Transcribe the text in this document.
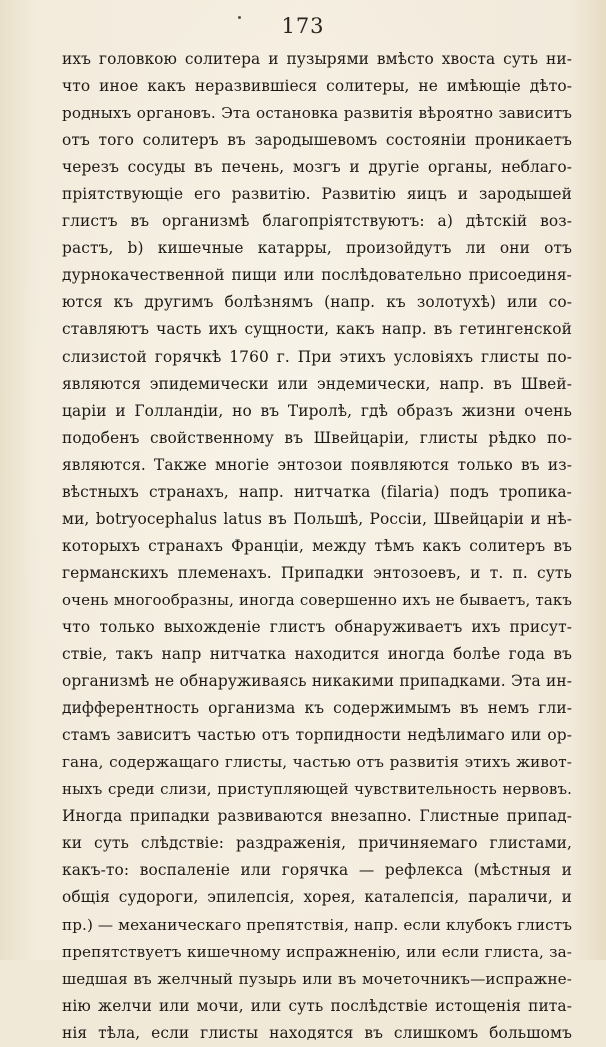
173
ихъ головкою солитера и пузырями вмѣсто хвоста суть ни-
что иное какъ неразвившіеся солитеры, не имѣющіе дѣто-
родныхъ органовъ. Эта остановка развитія вѣроятно зависитъ
отъ того солитеръ въ зародышевомъ состояніи проникаетъ
черезъ сосуды въ печень, мозгъ и другіе органы, неблаго-
пріятствующіе его развитію. Развитію яицъ и зародышей
глистъ въ организмѣ благопріятствуютъ: а) дѣтскій воз-
растъ, b) кишечные катарры, произойдутъ ли они отъ
дурнокачественной пищи или послѣдовательно присоединя-
ются къ другимъ болѣзнямъ (напр. къ золотухѣ) или со-
ставляютъ часть ихъ сущности, какъ напр. въ гетингенской
слизистой горячкѣ 1760 г. При этихъ условіяхъ глисты по-
являются эпидемически или эндемически, напр. въ Швей-
царіи и Голландіи, но въ Тиролѣ, гдѣ образъ жизни очень
подобенъ свойственному въ Швейцаріи, глисты рѣдко по-
являются. Также многіе энтозои появляются только въ из-
вѣстныхъ странахъ, напр. нитчатка (filaria) подъ тропика-
ми, botryocephalus latus въ Польшѣ, Россіи, Швейцаріи и нѣ-
которыхъ странахъ Франціи, между тѣмъ какъ солитеръ въ
германскихъ племенахъ. Припадки энтозоевъ, и т. п. суть
очень многообразны, иногда совершенно ихъ не бываетъ, такъ
что только выхожденіе глистъ обнаруживаетъ ихъ присут-
ствіе, такъ напр нитчатка находится иногда болѣе года въ
организмѣ не обнаруживаясь никакими припадками. Эта ин-
дифферентность организма къ содержимымъ въ немъ гли-
стамъ зависитъ частью отъ торпидности недѣлимаго или ор-
гана, содержащаго глисты, частью отъ развитія этихъ живот-
ныхъ среди слизи, приступляющей чувствительность нервовъ.
Иногда припадки развиваются внезапно. Глистные припад-
ки суть слѣдствіе: раздраженія, причиняемаго глистами,
какъ-то: воспаленіе или горячка — рефлекса (мѣстныя и
общія судороги, эпилепсія, хорея, каталепсія, параличи, и
пр.) — механическаго препятствія, напр. если клубокъ глистъ
препятствуетъ кишечному испражненію, или если глиста, за-
шедшая въ желчный пузырь или въ мочеточникъ—испражне-
нію желчи или мочи, или суть послѣдствіе истощенія пита-
нія тѣла, если глисты находятся въ слишкомъ большомъ
